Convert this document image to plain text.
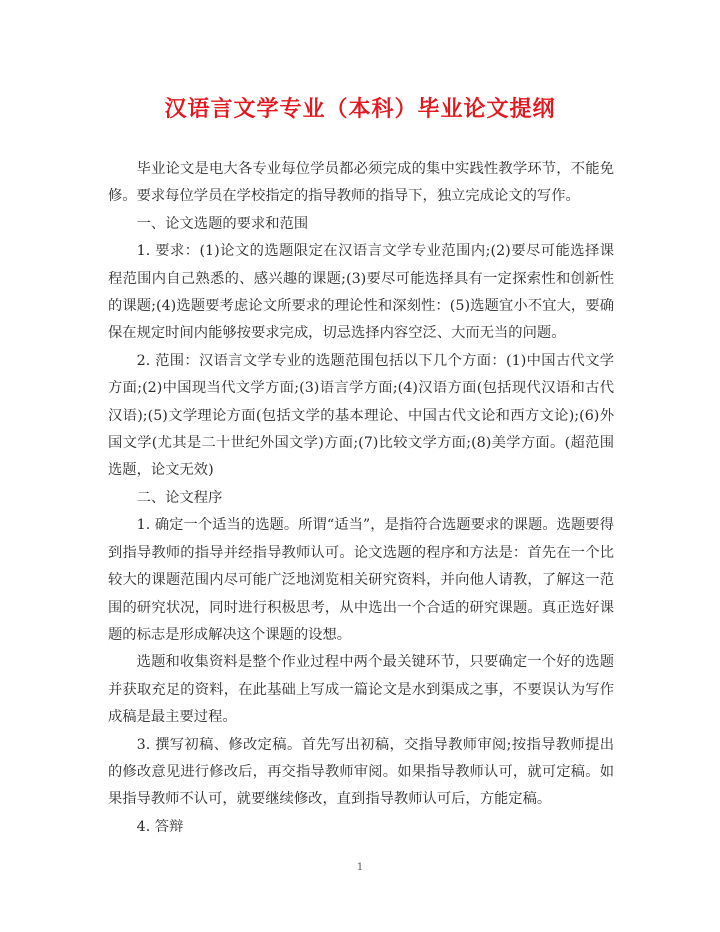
汉语言文学专业（本科）毕业论文提纲

毕业论文是电大各专业每位学员都必须完成的集中实践性教学环节，不能免修。要求每位学员在学校指定的指导教师的指导下，独立完成论文的写作。

一、论文选题的要求和范围

1. 要求：(1)论文的选题限定在汉语言文学专业范围内;(2)要尽可能选择课程范围内自己熟悉的、感兴趣的课题;(3)要尽可能选择具有一定探索性和创新性的课题;(4)选题要考虑论文所要求的理论性和深刻性：(5)选题宜小不宜大，要确保在规定时间内能够按要求完成，切忌选择内容空泛、大而无当的问题。

2. 范围：汉语言文学专业的选题范围包括以下几个方面：(1)中国古代文学方面;(2)中国现当代文学方面;(3)语言学方面;(4)汉语方面(包括现代汉语和古代汉语);(5)文学理论方面(包括文学的基本理论、中国古代文论和西方文论);(6)外国文学(尤其是二十世纪外国文学)方面;(7)比较文学方面;(8)美学方面。(超范围选题，论文无效)

二、论文程序

1. 确定一个适当的选题。所谓“适当”，是指符合选题要求的课题。选题要得到指导教师的指导并经指导教师认可。论文选题的程序和方法是：首先在一个比较大的课题范围内尽可能广泛地浏览相关研究资料，并向他人请教，了解这一范围的研究状况，同时进行积极思考，从中选出一个合适的研究课题。真正选好课题的标志是形成解决这个课题的设想。

选题和收集资料是整个作业过程中两个最关键环节，只要确定一个好的选题并获取充足的资料，在此基础上写成一篇论文是水到渠成之事，不要误认为写作成稿是最主要过程。

3. 撰写初稿、修改定稿。首先写出初稿，交指导教师审阅;按指导教师提出的修改意见进行修改后，再交指导教师审阅。如果指导教师认可，就可定稿。如果指导教师不认可，就要继续修改，直到指导教师认可后，方能定稿。

4. 答辩

1
